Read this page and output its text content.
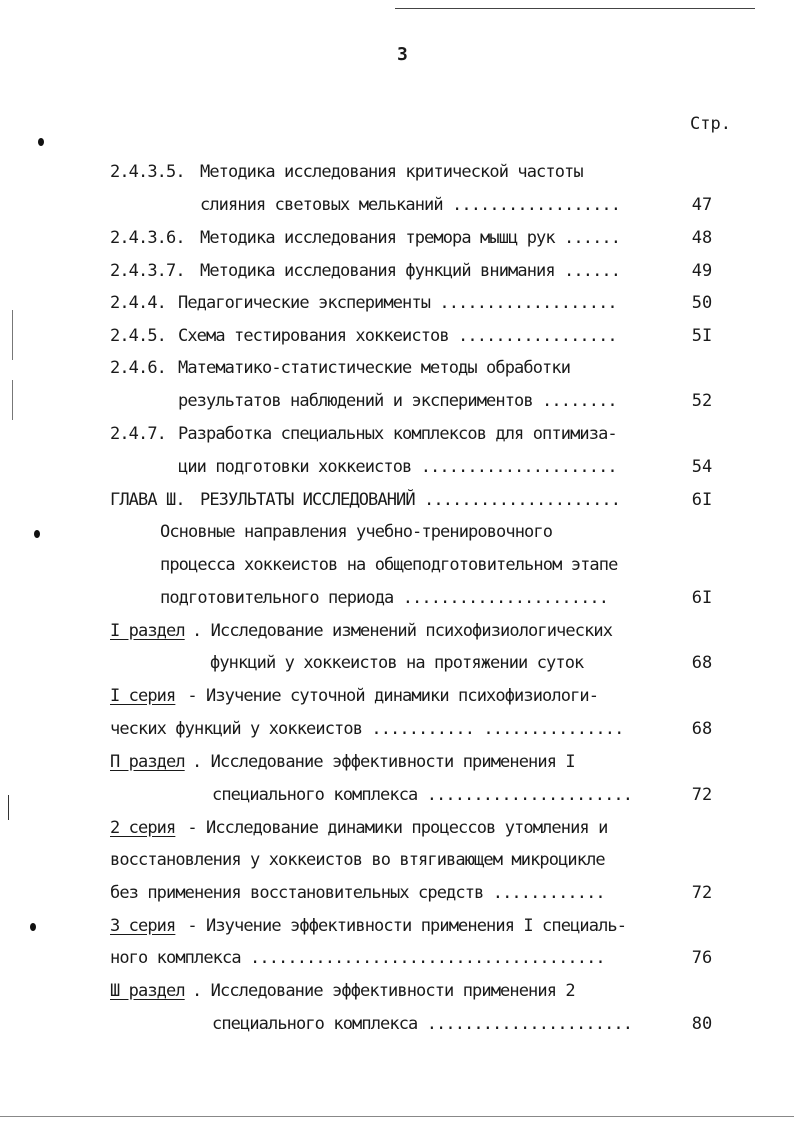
3
Стр.
2.4.3.5. Методика исследования критической частоты
слияния световых мельканий ..................	47
2.4.3.6. Методика исследования тремора мышц рук ......	48
2.4.3.7. Методика исследования функций внимания ......	49
2.4.4. Педагогические эксперименты ...................	50
2.4.5. Схема тестирования хоккеистов .................	5I
2.4.6. Математико-статистические методы обработки
результатов наблюдений и экспериментов ........	52
2.4.7. Разработка специальных комплексов для оптимиза-
ции подготовки хоккеистов .....................	54
ГЛАВА Ш. РЕЗУЛЬТАТЫ ИССЛЕДОВАНИЙ .....................	6I
Основные направления учебно-тренировочного
процесса хоккеистов на общеподготовительном этапе
подготовительного периода ......................	6I
I раздел . Исследование изменений психофизиологических
функций у хоккеистов на протяжении суток	68
I серия - Изучение суточной динамики психофизиологи-
ческих функций у хоккеистов ........... ...............	68
П раздел . Исследование эффективности применения I
специального комплекса ......................	72
2 серия - Исследование динамики процессов утомления и
восстановления у хоккеистов во втягивающем микроцикле
без применения восстановительных средств ............	72
3 серия - Изучение эффективности применения I специаль-
ного комплекса ......................................	76
Ш раздел . Исследование эффективности применения 2
специального комплекса ......................	80
